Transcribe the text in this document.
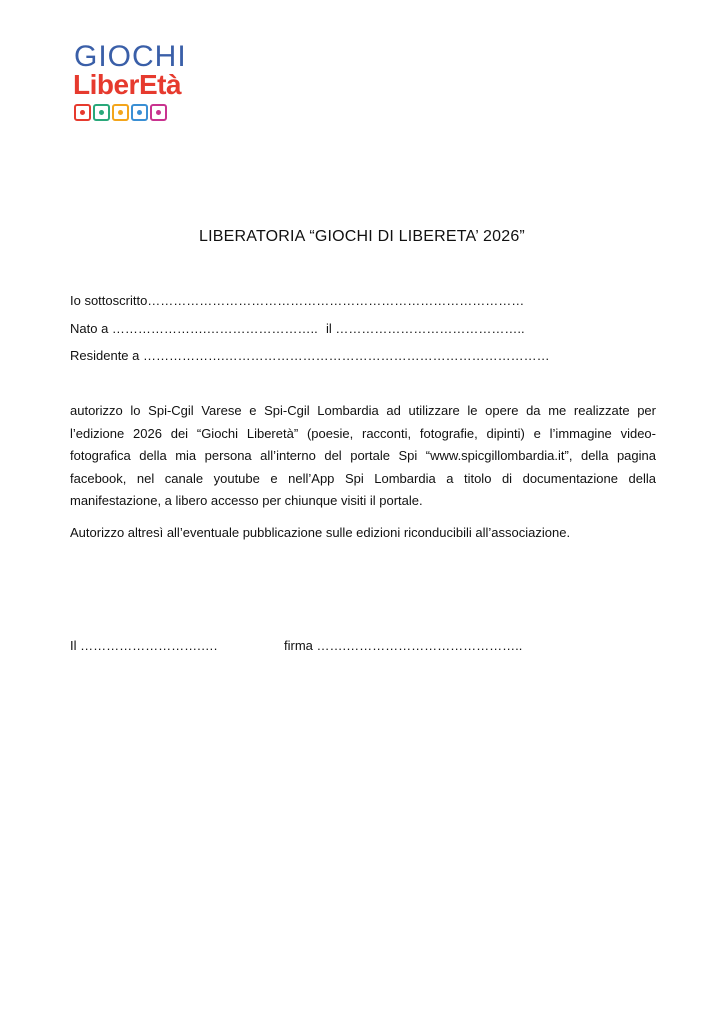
GIOCHI
LiberEtà
LIBERATORIA “GIOCHI DI LIBERETA’ 2026”
Io sottoscritto……………………………………………………………………………
Nato a ………………….…………………….. il ……………………………………..
Residente a ……………….…………………………………………………………………

autorizzo lo Spi-Cgil Varese e Spi-Cgil Lombardia ad utilizzare le opere da me realizzate per l’edizione 2026 dei “Giochi Liberetà” (poesie, racconti, fotografie, dipinti) e l’immagine video-fotografica della mia persona all’interno del portale Spi “www.spicgillombardia.it”, della pagina facebook, nel canale youtube e nell’App Spi Lombardia a titolo di documentazione della manifestazione, a libero accesso per chiunque visiti il portale.

Autorizzo altresì all’eventuale pubblicazione sulle edizioni riconducibili all’associazione.

Il ……………………….….	firma …….…………………………………..
